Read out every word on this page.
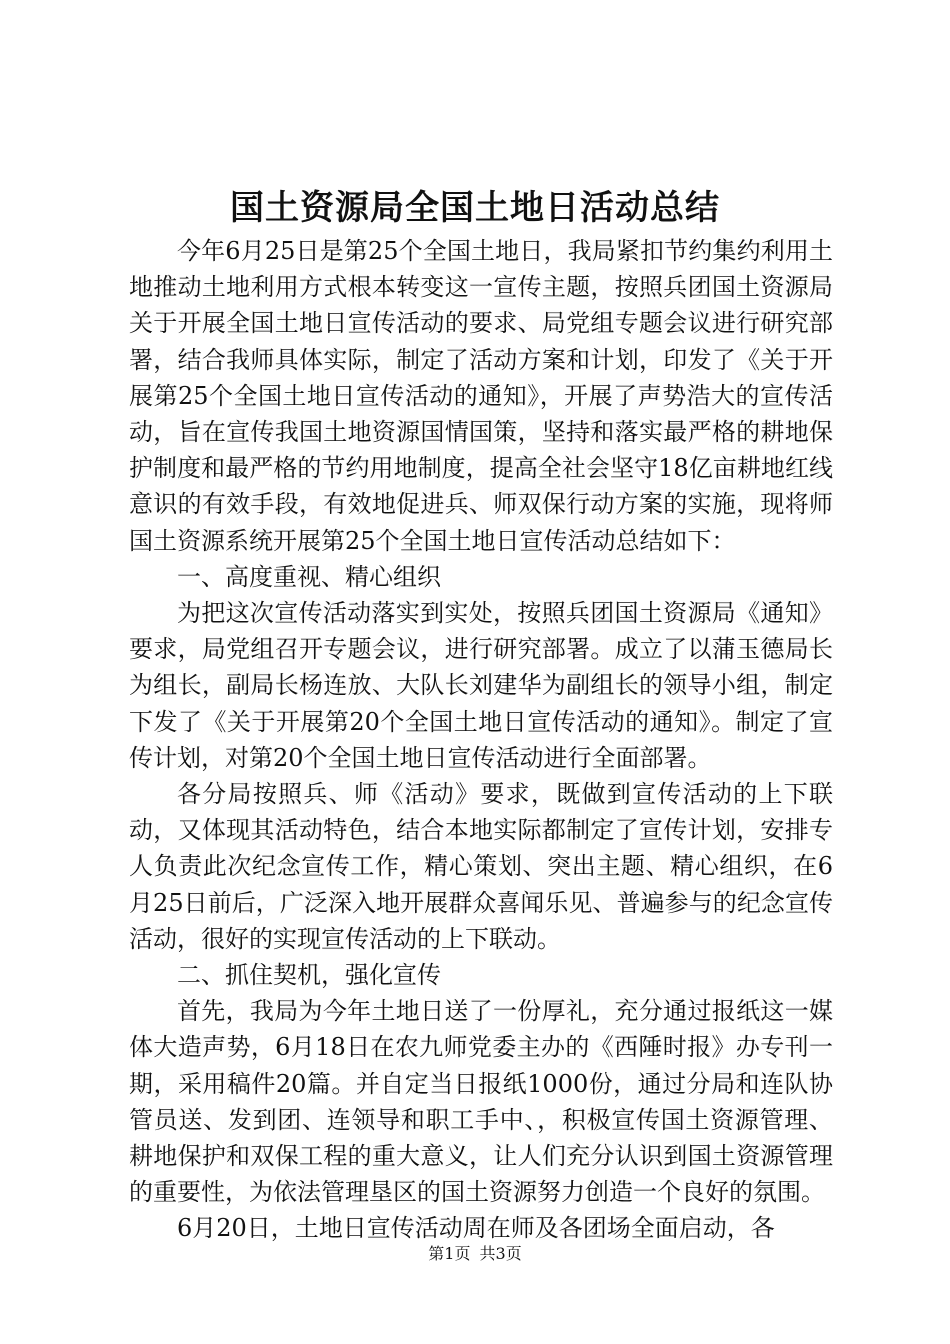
国土资源局全国土地日活动总结

今年6月25日是第25个全国土地日，我局紧扣节约集约利用土地推动土地利用方式根本转变这一宣传主题，按照兵团国土资源局关于开展全国土地日宣传活动的要求、局党组专题会议进行研究部署，结合我师具体实际，制定了活动方案和计划，印发了《关于开展第25个全国土地日宣传活动的通知》，开展了声势浩大的宣传活动，旨在宣传我国土地资源国情国策，坚持和落实最严格的耕地保护制度和最严格的节约用地制度，提高全社会坚守18亿亩耕地红线意识的有效手段，有效地促进兵、师双保行动方案的实施，现将师国土资源系统开展第25个全国土地日宣传活动总结如下：

一、高度重视、精心组织

为把这次宣传活动落实到实处，按照兵团国土资源局《通知》要求，局党组召开专题会议，进行研究部署。成立了以蒲玉德局长为组长，副局长杨连放、大队长刘建华为副组长的领导小组，制定下发了《关于开展第20个全国土地日宣传活动的通知》。制定了宣传计划，对第20个全国土地日宣传活动进行全面部署。

各分局按照兵、师《活动》要求，既做到宣传活动的上下联动，又体现其活动特色，结合本地实际都制定了宣传计划，安排专人负责此次纪念宣传工作，精心策划、突出主题、精心组织，在6月25日前后，广泛深入地开展群众喜闻乐见、普遍参与的纪念宣传活动，很好的实现宣传活动的上下联动。

二、抓住契机，强化宣传

首先，我局为今年土地日送了一份厚礼，充分通过报纸这一媒体大造声势，6月18日在农九师党委主办的《西陲时报》办专刊一期，采用稿件20篇。并自定当日报纸1000份，通过分局和连队协管员送、发到团、连领导和职工手中、，积极宣传国土资源管理、耕地保护和双保工程的重大意义，让人们充分认识到国土资源管理的重要性，为依法管理垦区的国土资源努力创造一个良好的氛围。

6月20日，土地日宣传活动周在师及各团场全面启动，各

第1页 共3页
